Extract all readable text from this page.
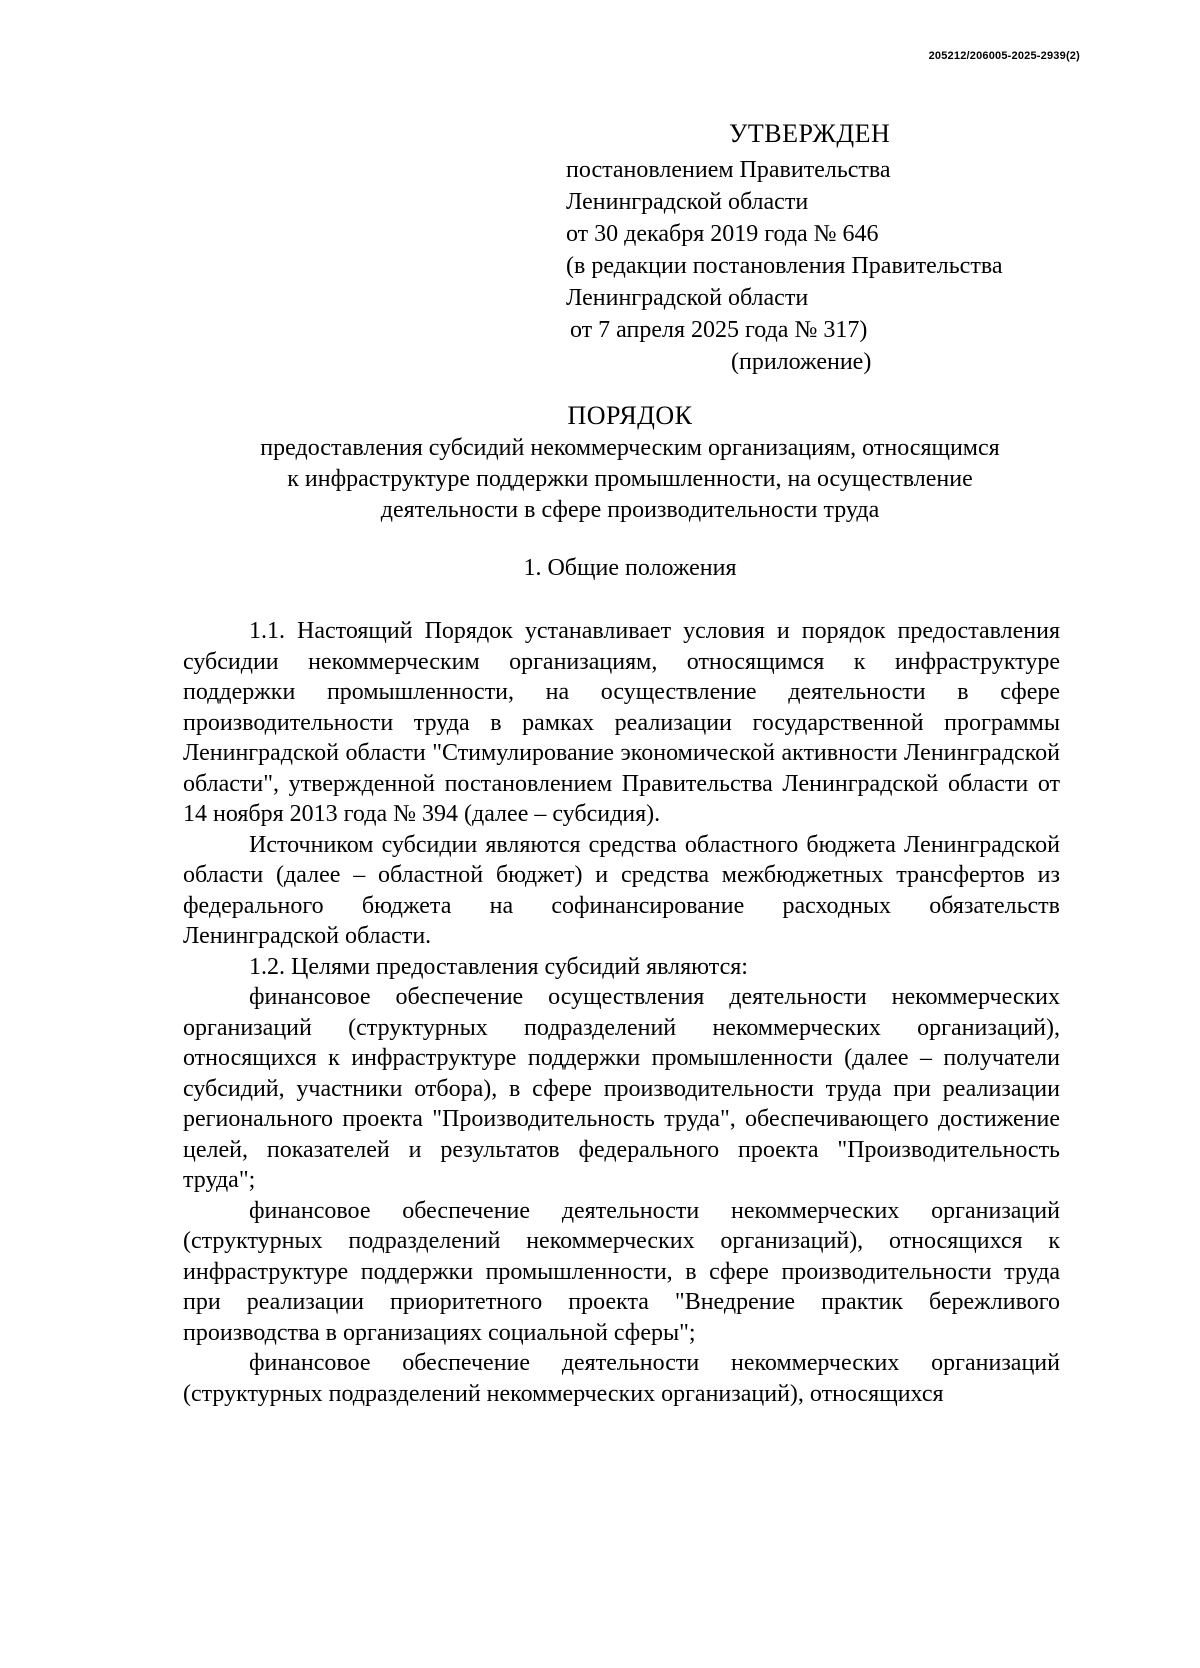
205212/206005-2025-2939(2)
УТВЕРЖДЕН
постановлением Правительства
Ленинградской области
от 30 декабря 2019 года № 646
(в редакции постановления Правительства
Ленинградской области
от 7 апреля 2025 года № 317)
(приложение)
ПОРЯДОК
предоставления субсидий некоммерческим организациям, относящимся
к инфраструктуре поддержки промышленности, на осуществление
деятельности в сфере производительности труда
1. Общие положения

1.1. Настоящий Порядок устанавливает условия и порядок предоставления субсидии некоммерческим организациям, относящимся к инфраструктуре поддержки промышленности, на осуществление деятельности в сфере производительности труда в рамках реализации государственной программы Ленинградской области "Стимулирование экономической активности Ленинградской области", утвержденной постановлением Правительства Ленинградской области от 14 ноября 2013 года № 394 (далее – субсидия).

Источником субсидии являются средства областного бюджета Ленинградской области (далее – областной бюджет) и средства межбюджетных трансфертов из федерального бюджета на софинансирование расходных обязательств Ленинградской области.

1.2. Целями предоставления субсидий являются:

финансовое обеспечение осуществления деятельности некоммерческих организаций (структурных подразделений некоммерческих организаций), относящихся к инфраструктуре поддержки промышленности (далее – получатели субсидий, участники отбора), в сфере производительности труда при реализации регионального проекта "Производительность труда", обеспечивающего достижение целей, показателей и результатов федерального проекта "Производительность труда";

финансовое обеспечение деятельности некоммерческих организаций (структурных подразделений некоммерческих организаций), относящихся к инфраструктуре поддержки промышленности, в сфере производительности труда при реализации приоритетного проекта "Внедрение практик бережливого производства в организациях социальной сферы";

финансовое обеспечение деятельности некоммерческих организаций (структурных подразделений некоммерческих организаций), относящихся
